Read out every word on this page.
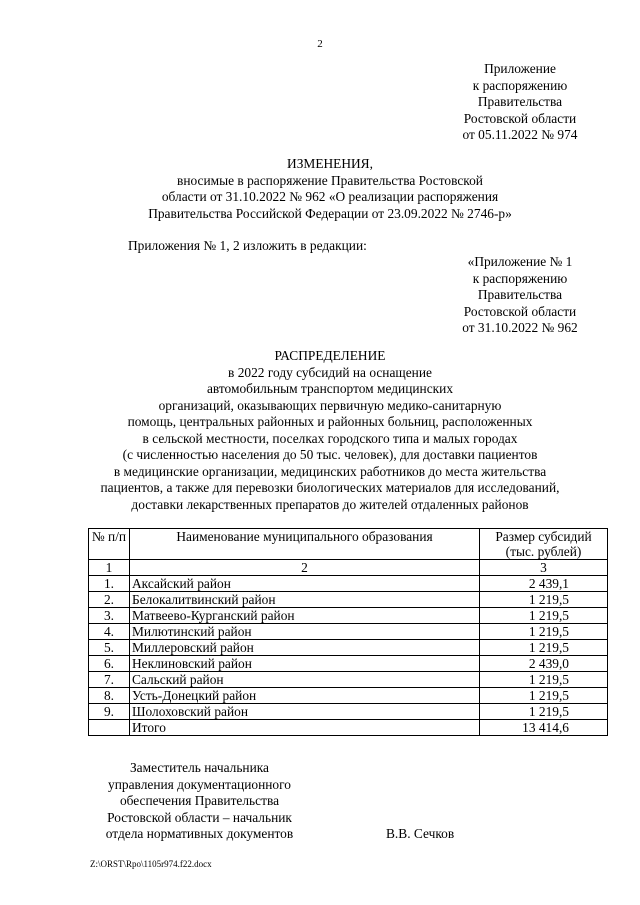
2
Приложение
к распоряжению
Правительства
Ростовской области
от 05.11.2022 № 974
ИЗМЕНЕНИЯ,
вносимые в распоряжение Правительства Ростовской
области от 31.10.2022 № 962 «О реализации распоряжения
Правительства Российской Федерации от 23.09.2022 № 2746-р»
Приложения № 1, 2 изложить в редакции:
«Приложение № 1
к распоряжению
Правительства
Ростовской области
от 31.10.2022 № 962
РАСПРЕДЕЛЕНИЕ
в 2022 году субсидий на оснащение
автомобильным транспортом медицинских
организаций, оказывающих первичную медико-санитарную
помощь, центральных районных и районных больниц, расположенных
в сельской местности, поселках городского типа и малых городах
(с численностью населения до 50 тыс. человек), для доставки пациентов
в медицинские организации, медицинских работников до места жительства
пациентов, а также для перевозки биологических материалов для исследований,
доставки лекарственных препаратов до жителей отдаленных районов
№ п/п	Наименование муниципального образования	Размер субсидий (тыс. рублей)
1	2	3
1.	Аксайский район	2 439,1
2.	Белокалитвинский район	1 219,5
3.	Матвеево-Курганский район	1 219,5
4.	Милютинский район	1 219,5
5.	Миллеровский район	1 219,5
6.	Неклиновский район	2 439,0
7.	Сальский район	1 219,5
8.	Усть-Донецкий район	1 219,5
9.	Шолоховский район	1 219,5
	Итого	13 414,6
Заместитель начальника
управления документационного
обеспечения Правительства
Ростовской области – начальник
отдела нормативных документов	В.В. Сечков
Z:\ORST\Rpo\1105r974.f22.docx
